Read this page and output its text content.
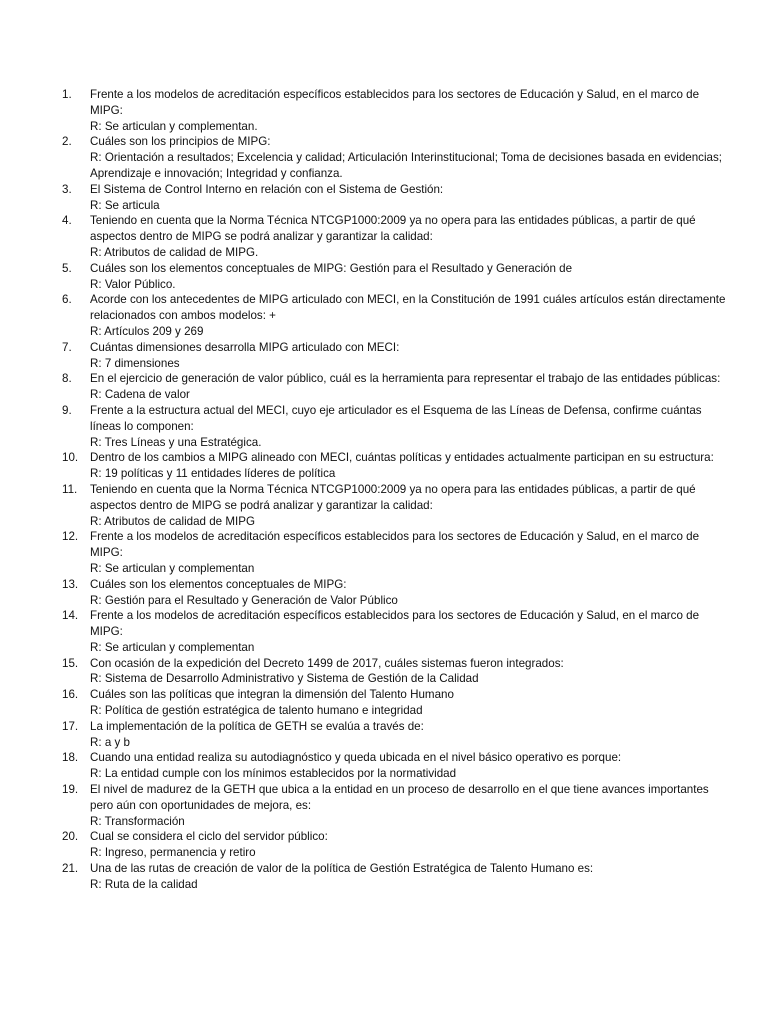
1.	Frente a los modelos de acreditación específicos establecidos para los sectores de Educación y Salud, en el marco de MIPG:
R: Se articulan y complementan.
2.	Cuáles son los principios de MIPG:
R: Orientación a resultados; Excelencia y calidad; Articulación Interinstitucional; Toma de decisiones basada en evidencias; Aprendizaje e innovación; Integridad y confianza.
3.	El Sistema de Control Interno en relación con el Sistema de Gestión:
R: Se articula
4.	Teniendo en cuenta que la Norma Técnica NTCGP1000:2009 ya no opera para las entidades públicas, a partir de qué aspectos dentro de MIPG se podrá analizar y garantizar la calidad:
R: Atributos de calidad de MIPG.
5.	Cuáles son los elementos conceptuales de MIPG: Gestión para el Resultado y Generación de
R: Valor Público.
6.	Acorde con los antecedentes de MIPG articulado con MECI, en la Constitución de 1991 cuáles artículos están directamente relacionados con ambos modelos: +
R: Artículos 209 y 269
7.	Cuántas dimensiones desarrolla MIPG articulado con MECI:
R: 7 dimensiones
8.	En el ejercicio de generación de valor público, cuál es la herramienta para representar el trabajo de las entidades públicas:
R: Cadena de valor
9.	Frente a la estructura actual del MECI, cuyo eje articulador es el Esquema de las Líneas de Defensa, confirme cuántas líneas lo componen:
R: Tres Líneas y una Estratégica.
10.	Dentro de los cambios a MIPG alineado con MECI, cuántas políticas y entidades actualmente participan en su estructura:
R: 19 políticas y 11 entidades líderes de política
11.	Teniendo en cuenta que la Norma Técnica NTCGP1000:2009 ya no opera para las entidades públicas, a partir de qué aspectos dentro de MIPG se podrá analizar y garantizar la calidad:
R: Atributos de calidad de MIPG
12.	Frente a los modelos de acreditación específicos establecidos para los sectores de Educación y Salud, en el marco de MIPG:
R: Se articulan y complementan
13.	Cuáles son los elementos conceptuales de MIPG:
R: Gestión para el Resultado y Generación de Valor Público
14.	Frente a los modelos de acreditación específicos establecidos para los sectores de Educación y Salud, en el marco de MIPG:
R: Se articulan y complementan
15.	Con ocasión de la expedición del Decreto 1499 de 2017, cuáles sistemas fueron integrados:
R: Sistema de Desarrollo Administrativo y Sistema de Gestión de la Calidad
16.	Cuáles son las políticas que integran la dimensión del Talento Humano
R: Política de gestión estratégica de talento humano e integridad
17.	La implementación de la política de GETH se evalúa a través de:
R: a y b
18.	Cuando una entidad realiza su autodiagnóstico y queda ubicada en el nivel básico operativo es porque:
R: La entidad cumple con los mínimos establecidos por la normatividad
19.	El nivel de madurez de la GETH que ubica a la entidad en un proceso de desarrollo en el que tiene avances importantes pero aún con oportunidades de mejora, es:
R: Transformación
20.	Cual se considera el ciclo del servidor público:
R: Ingreso, permanencia y retiro
21.	Una de las rutas de creación de valor de la política de Gestión Estratégica de Talento Humano es:
R: Ruta de la calidad
